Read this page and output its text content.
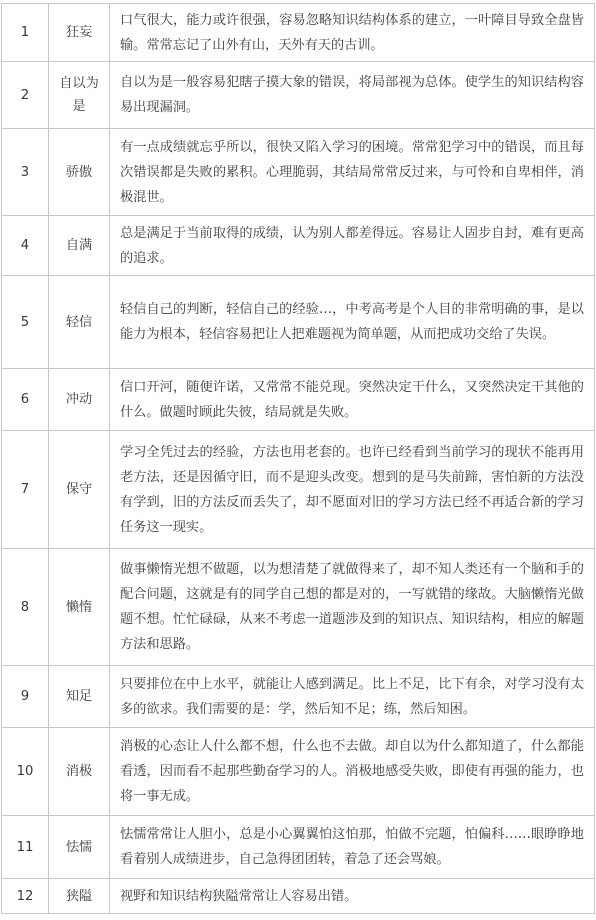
1	狂妄	口气很大，能力或许很强，容易忽略知识结构体系的建立，一叶障目导致全盘皆输。常常忘记了山外有山，天外有天的古训。
2	自以为是	自以为是一般容易犯瞎子摸大象的错误，将局部视为总体。使学生的知识结构容易出现漏洞。
3	骄傲	有一点成绩就忘乎所以，很快又陷入学习的困境。常常犯学习中的错误，而且每次错误都是失败的累积。心理脆弱，其结局常常反过来，与可怜和自卑相伴，消极混世。
4	自满	总是满足于当前取得的成绩，认为别人都差得远。容易让人固步自封，难有更高的追求。
5	轻信	轻信自己的判断，轻信自己的经验…，中考高考是个人目的非常明确的事，是以能力为根本，轻信容易把让人把难题视为简单题，从而把成功交给了失误。
6	冲动	信口开河，随便许诺，又常常不能兑现。突然决定干什么，又突然决定干其他的什么。做题时顾此失彼，结局就是失败。
7	保守	学习全凭过去的经验，方法也用老套的。也许已经看到当前学习的现状不能再用老方法，还是因循守旧，而不是迎头改变。想到的是马失前蹄，害怕新的方法没有学到，旧的方法反而丢失了，却不愿面对旧的学习方法已经不再适合新的学习任务这一现实。
8	懒惰	做事懒惰光想不做题，以为想清楚了就做得来了，却不知人类还有一个脑和手的配合问题，这就是有的同学自己想的都是对的，一写就错的缘故。大脑懒惰光做题不想。忙忙碌碌，从来不考虑一道题涉及到的知识点、知识结构，相应的解题方法和思路。
9	知足	只要排位在中上水平，就能让人感到满足。比上不足，比下有余，对学习没有太多的欲求。我们需要的是：学，然后知不足；练，然后知困。
10	消极	消极的心态让人什么都不想，什么也不去做。却自以为什么都知道了，什么都能看透，因而看不起那些勤奋学习的人。消极地感受失败，即使有再强的能力，也将一事无成。
11	怯懦	怯懦常常让人胆小，总是小心翼翼怕这怕那，怕做不完题，怕偏科……眼睁睁地看着别人成绩进步，自己急得团团转，着急了还会骂娘。
12	狭隘	视野和知识结构狭隘常常让人容易出错。
